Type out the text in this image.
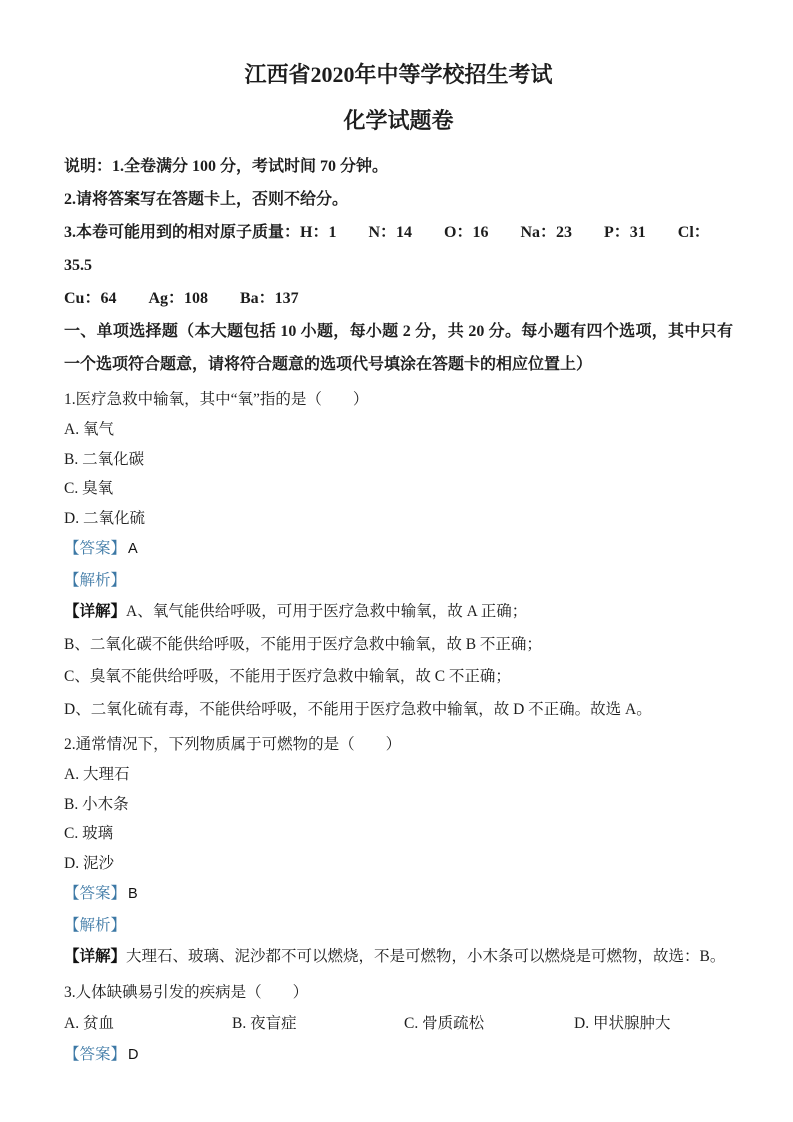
江西省2020年中等学校招生考试
化学试题卷

说明：1.全卷满分 100 分，考试时间 70 分钟。

2.请将答案写在答题卡上，否则不给分。

3.本卷可能用到的相对原子质量：H：1　　N：14　　O：16　　Na：23　　P：31　　Cl：35.5

Cu：64　　Ag：108　　Ba：137

一、单项选择题（本大题包括 10 小题，每小题 2 分，共 20 分。每小题有四个选项，其中只有一个选项符合题意，请将符合题意的选项代号填涂在答题卡的相应位置上）

1.医疗急救中输氧，其中“氧”指的是（　　）

A. 氧气

B. 二氧化碳

C. 臭氧

D. 二氧化硫

【答案】 A

【解析】

【详解】A、氧气能供给呼吸，可用于医疗急救中输氧，故 A 正确；

B、二氧化碳不能供给呼吸，不能用于医疗急救中输氧，故 B 不正确；

C、臭氧不能供给呼吸，不能用于医疗急救中输氧，故 C 不正确；

D、二氧化硫有毒，不能供给呼吸，不能用于医疗急救中输氧，故 D 不正确。故选 A。

2.通常情况下，下列物质属于可燃物的是（　　）

A. 大理石

B. 小木条

C. 玻璃

D. 泥沙

【答案】 B

【解析】

【详解】大理石、玻璃、泥沙都不可以燃烧，不是可燃物，小木条可以燃烧是可燃物，故选：B。

3.人体缺碘易引发的疾病是（　　）

A. 贫血	B. 夜盲症	C. 骨质疏松	D. 甲状腺肿大

【答案】 D
